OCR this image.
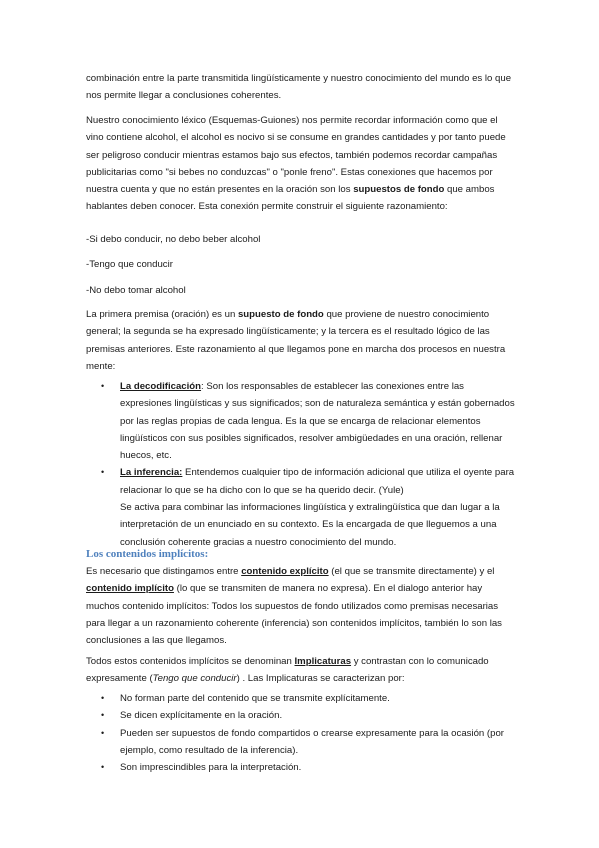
combinación entre la parte transmitida lingüísticamente y nuestro conocimiento del mundo es lo que nos permite llegar a conclusiones coherentes.

Nuestro conocimiento léxico (Esquemas-Guiones) nos permite recordar información como que el vino contiene alcohol, el alcohol es nocivo si se consume en grandes cantidades y por tanto puede ser peligroso conducir mientras estamos bajo sus efectos, también podemos recordar campañas publicitarias como "si bebes no conduzcas" o "ponle freno". Estas conexiones que hacemos por nuestra cuenta y que no están presentes en la oración son los supuestos de fondo que ambos hablantes deben conocer. Esta conexión permite construir el siguiente razonamiento:

-Si debo conducir, no debo beber alcohol

-Tengo que conducir

-No debo tomar alcohol

La primera premisa (oración) es un supuesto de fondo que proviene de nuestro conocimiento general; la segunda se ha expresado lingüísticamente; y la tercera es el resultado lógico de las premisas anteriores. Este razonamiento al que llegamos pone en marcha dos procesos en nuestra mente:

• La decodificación: Son los responsables de establecer las conexiones entre las expresiones lingüísticas y sus significados; son de naturaleza semántica y están gobernados por las reglas propias de cada lengua. Es la que se encarga de relacionar elementos lingüísticos con sus posibles significados, resolver ambigüedades en una oración, rellenar huecos, etc.
• La inferencia: Entendemos cualquier tipo de información adicional que utiliza el oyente para relacionar lo que se ha dicho con lo que se ha querido decir. (Yule)
Se activa para combinar las informaciones lingüística y extralingüística que dan lugar a la interpretación de un enunciado en su contexto. Es la encargada de que lleguemos a una conclusión coherente gracias a nuestro conocimiento del mundo.
Los contenidos implícitos:

Es necesario que distingamos entre contenido explícito (el que se transmite directamente) y el contenido implícito (lo que se transmiten de manera no expresa). En el dialogo anterior hay muchos contenido implícitos: Todos los supuestos de fondo utilizados como premisas necesarias para llegar a un razonamiento coherente (inferencia) son contenidos implícitos, también lo son las conclusiones a las que llegamos.

Todos estos contenidos implícitos se denominan Implicaturas y contrastan con lo comunicado expresamente (Tengo que conducir) . Las Implicaturas se caracterizan por:

• No forman parte del contenido que se transmite explícitamente.
• Se dicen explícitamente en la oración.
• Pueden ser supuestos de fondo compartidos o crearse expresamente para la ocasión (por ejemplo, como resultado de la inferencia).
• Son imprescindibles para la interpretación.
